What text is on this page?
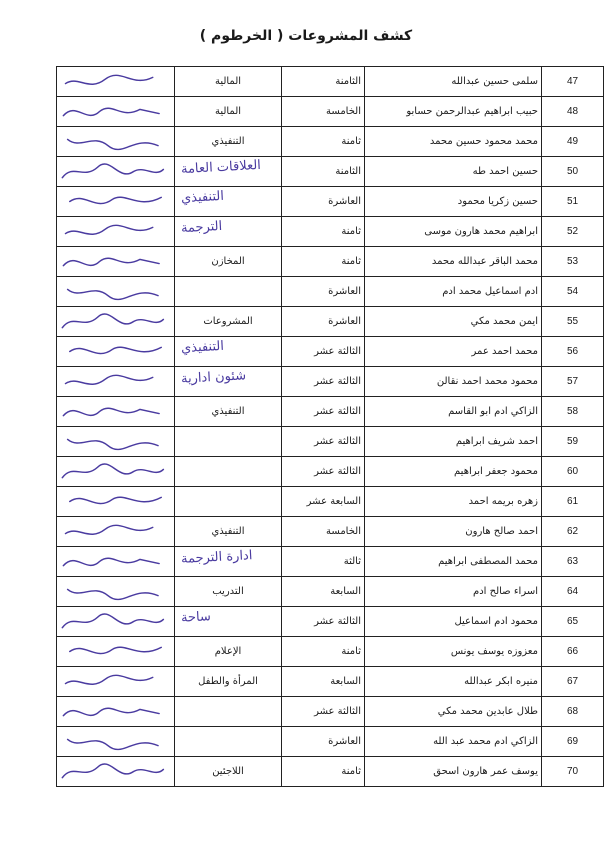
كشف المشروعات ( الخرطوم )
47	سلمى حسين عبدالله	الثامنة	المالية

48	حبيب ابراهيم عبدالرحمن حسابو	الخامسة	المالية

49	محمد محمود حسين محمد	ثامنة	التنفيذي

50	حسين احمد طه	الثامنة	العلاقات العامة

51	حسين زكريا محمود	العاشرة	التنفيذي

52	ابراهيم محمد هارون موسى	ثامنة	الترجمة

53	محمد الباقر عبدالله محمد	ثامنة	المخازن

54	ادم اسماعيل محمد ادم	العاشرة	

55	ايمن محمد مكي	العاشرة	المشروعات

56	محمد احمد عمر	الثالثة عشر	التنفيذي

57	محمود محمد احمد نقالن	الثالثة عشر	شئون ادارية

58	الزاكي ادم ابو القاسم	الثالثة عشر	التنفيذي

59	احمد شريف ابراهيم	الثالثة عشر	

60	محمود جعفر ابراهيم	الثالثة عشر	

61	زهره بريمه احمد	السابعة عشر	

62	احمد صالح هارون	الخامسة	التنفيذي

63	محمد المصطفى ابراهيم	ثالثة	ادارة الترجمة

64	اسراء صالح ادم	السابعة	التدريب

65	محمود ادم اسماعيل	الثالثة عشر	ساحة

66	معزوزه يوسف يونس	ثامنة	الإعلام

67	منيره ابكر عبدالله	السابعة	المرأة والطفل

68	طلال عابدين محمد مكي	الثالثة عشر	

69	الزاكي ادم محمد عبد الله	العاشرة	

70	يوسف عمر هارون اسحق	ثامنة	اللاجئين
